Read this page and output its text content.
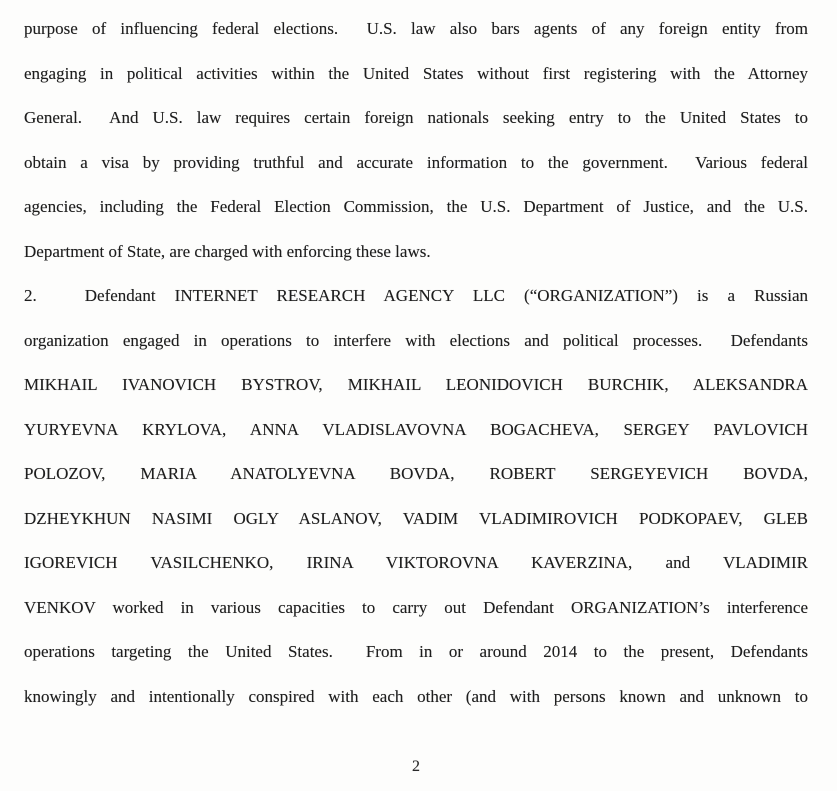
purpose of influencing federal elections.  U.S. law also bars agents of any foreign entity from
engaging in political activities within the United States without first registering with the Attorney
General.  And U.S. law requires certain foreign nationals seeking entry to the United States to
obtain a visa by providing truthful and accurate information to the government.  Various federal
agencies, including the Federal Election Commission, the U.S. Department of Justice, and the U.S.
Department of State, are charged with enforcing these laws.
2.	Defendant INTERNET RESEARCH AGENCY LLC (“ORGANIZATION”) is a Russian
organization engaged in operations to interfere with elections and political processes.  Defendants
MIKHAIL IVANOVICH BYSTROV, MIKHAIL LEONIDOVICH BURCHIK, ALEKSANDRA
YURYEVNA KRYLOVA, ANNA VLADISLAVOVNA BOGACHEVA, SERGEY PAVLOVICH
POLOZOV, MARIA ANATOLYEVNA BOVDA, ROBERT SERGEYEVICH BOVDA,
DZHEYKHUN NASIMI OGLY ASLANOV, VADIM VLADIMIROVICH PODKOPAEV, GLEB
IGOREVICH VASILCHENKO, IRINA VIKTOROVNA KAVERZINA, and VLADIMIR
VENKOV worked in various capacities to carry out Defendant ORGANIZATION’s interference
operations targeting the United States.  From in or around 2014 to the present, Defendants
knowingly and intentionally conspired with each other (and with persons known and unknown to
2
